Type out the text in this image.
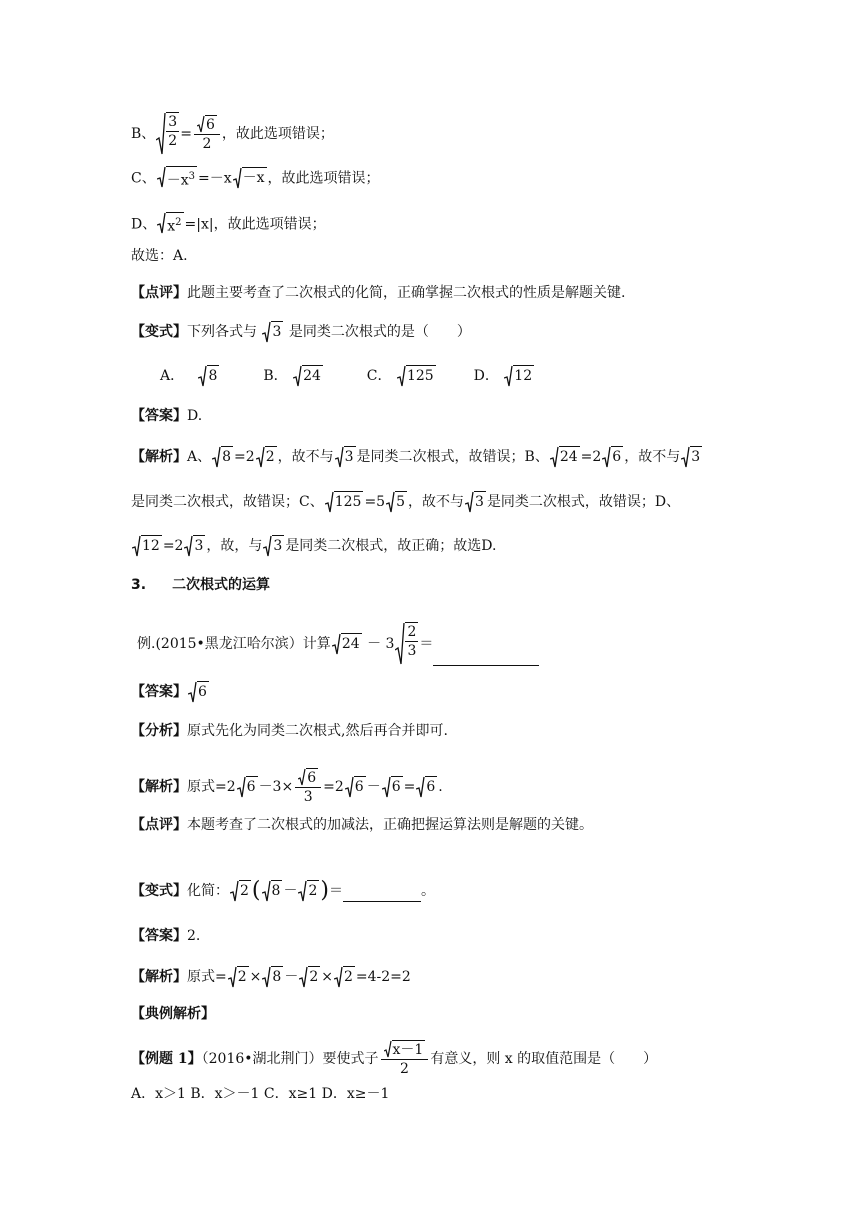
B、 $\frac{3}{2} = \frac{6}{2}$ ，故此选项错误；
C、 $-x^3 =-x -x$ ，故此选项错误；
D、 $x^2 =|x|$，故此选项错误；
故选：A.
【点评】此题主要考查了二次根式的化简，正确掌握二次根式的性质是解题关键.
【变式】下列各式与 3 是同类二次根式的是（　　）
A． 8	B． 24	C． 125	D． 12
【答案】D.
【解析】A、 8 =2 2 ，故不与 3 是同类二次根式，故错误；B、 24 =2 6 ，故不与 3
是同类二次根式，故错误；C、 125 =5 5 ，故不与 3 是同类二次根式，故错误；D、
12 =2 3 ，故，与 3 是同类二次根式，故正确；故选D.
3. 二次根式的运算
例.(2015•黑龙江哈尔滨）计算 $24 - 3 \frac{2}{3}$ ＝
【答案】 6
【分析】原式先化为同类二次根式,然后再合并即可.
【解析】原式=2 $6 -3\times \frac{6}{3} =2$ 6 － 6 = 6 .
【点评】本题考查了二次根式的加减法，正确把握运算法则是解题的关键。
【变式】化简： 2 ( 8 － 2 )＝	。
【答案】2.
【解析】原式= 2 × 8 － 2 × 2 =4-2=2
【典例解析】
【例题 1】（2016•湖北荆门）要使式子 $\frac{x-1}{2}$ 有意义，则 x 的取值范围是（　　）
A．x＞1 B．x＞－1 C．x≥1 D．x≥－1
